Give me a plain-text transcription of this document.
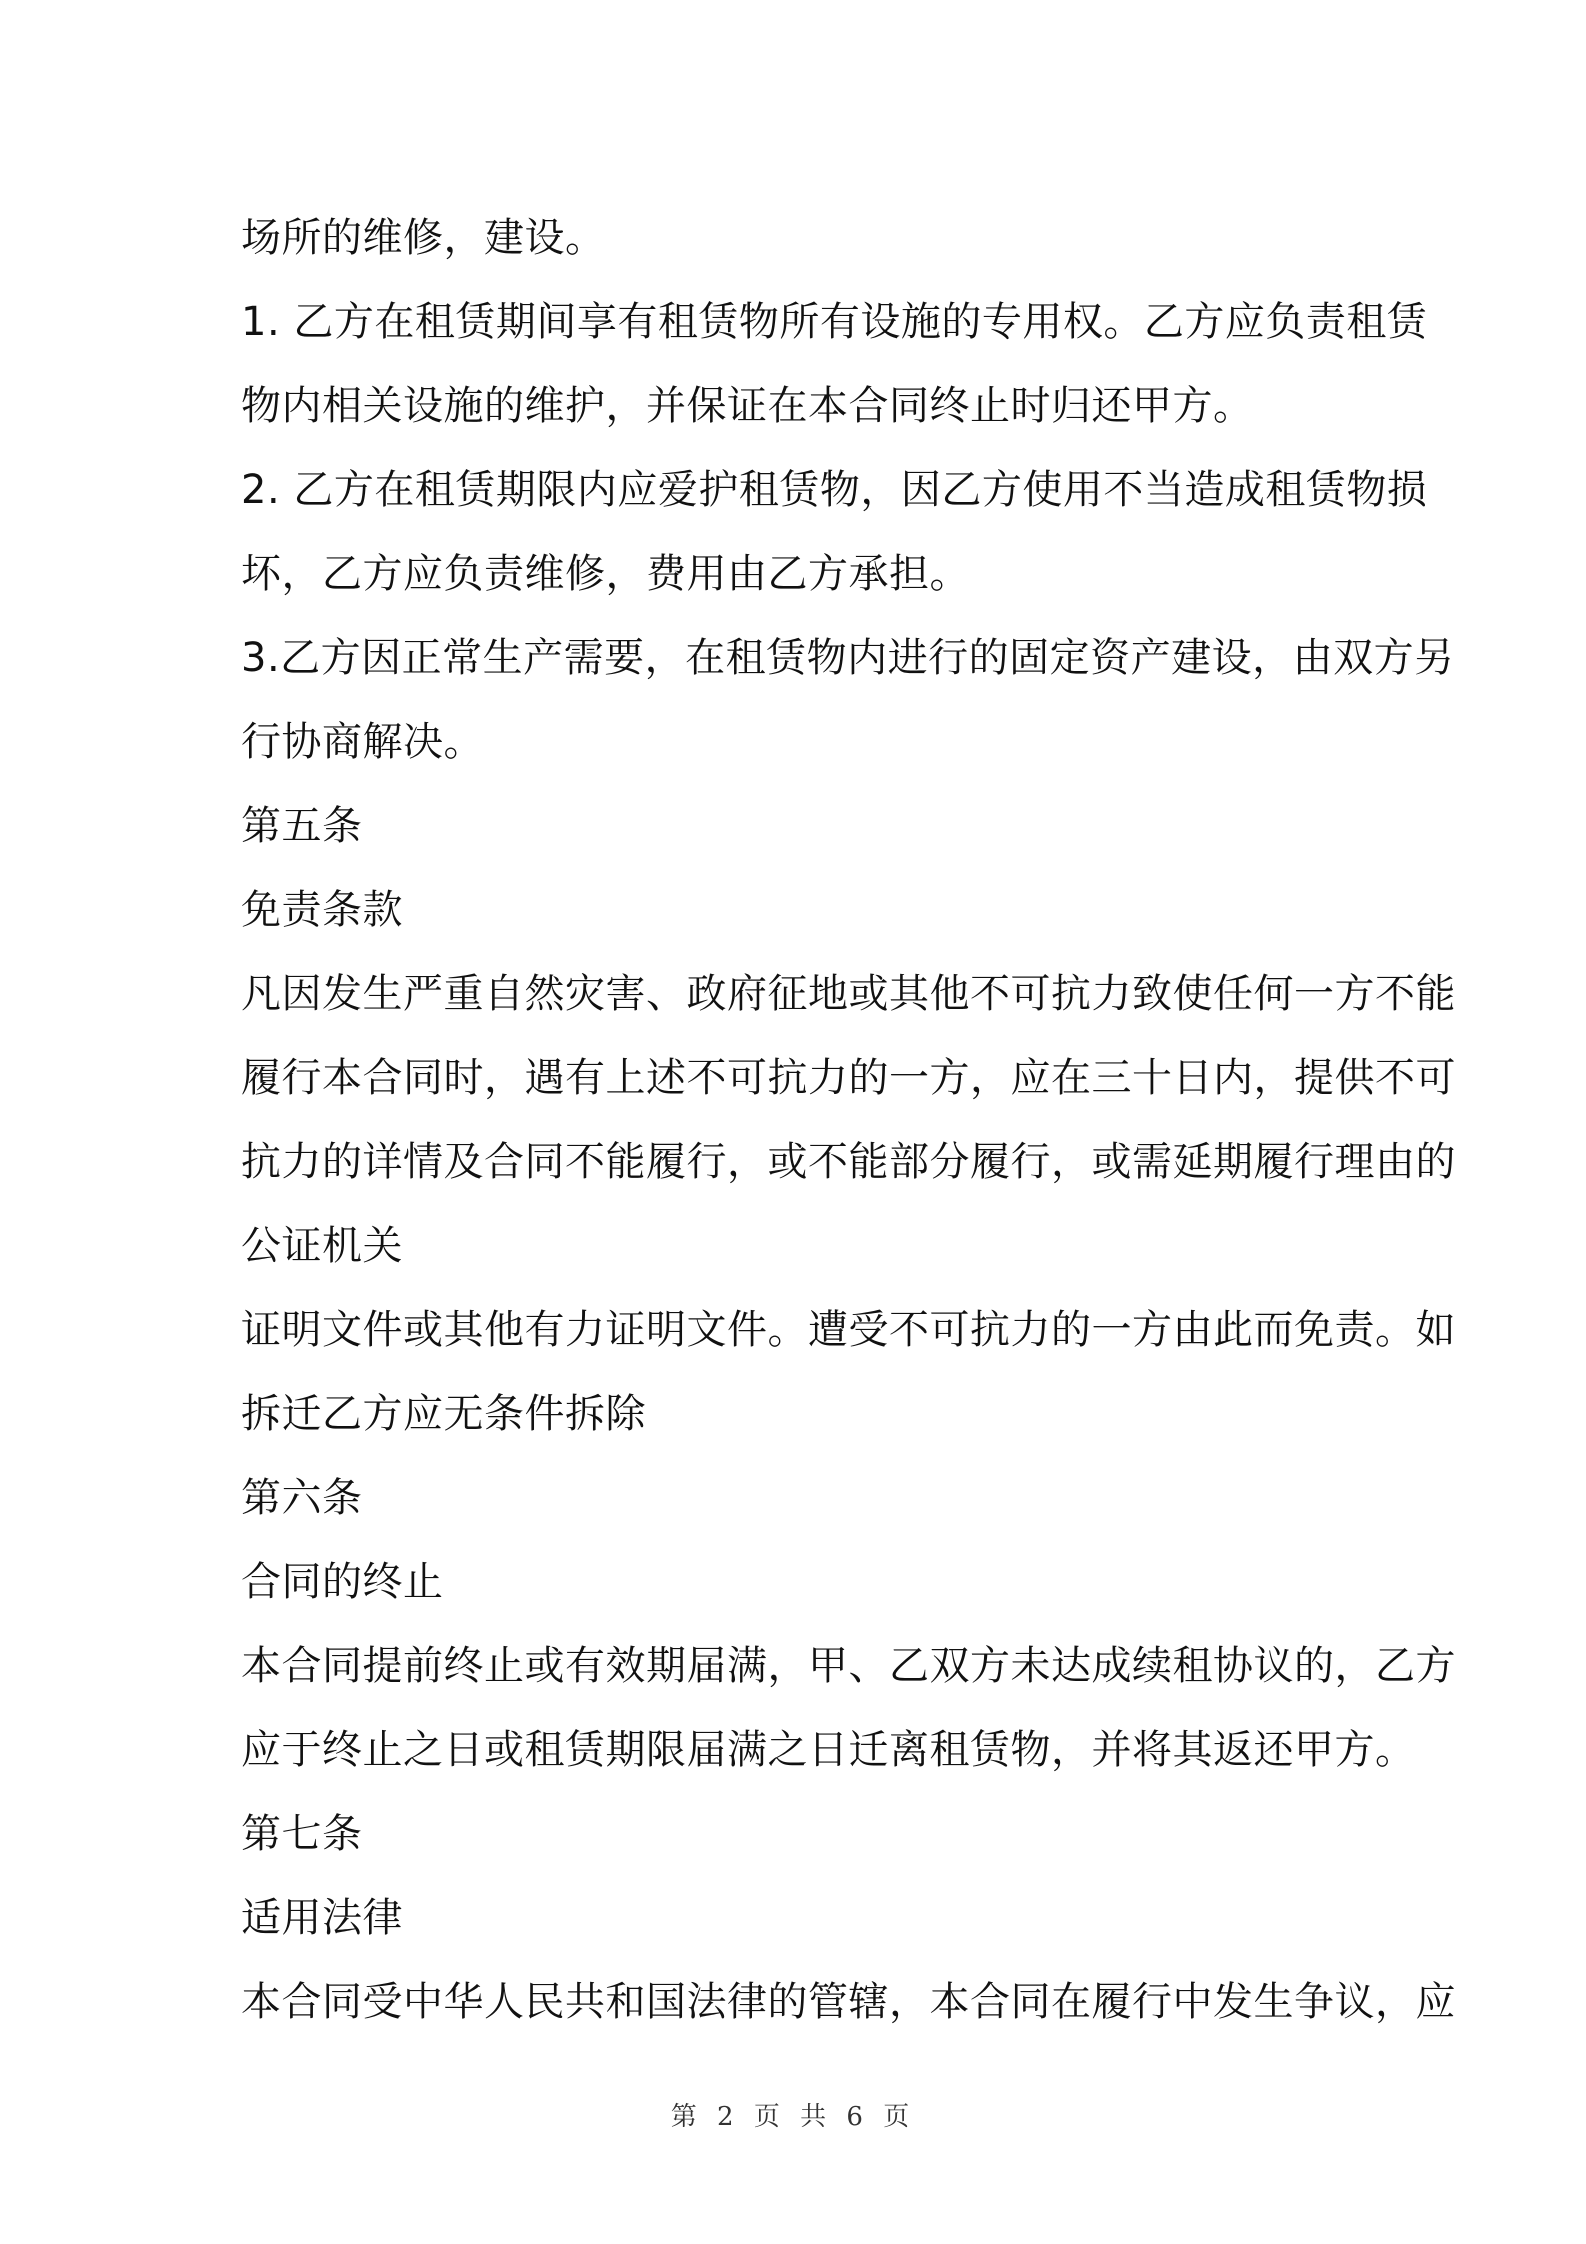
场所的维修，建设。
1. 乙方在租赁期间享有租赁物所有设施的专用权。乙方应负责租赁
物内相关设施的维护，并保证在本合同终止时归还甲方。
2. 乙方在租赁期限内应爱护租赁物，因乙方使用不当造成租赁物损
坏，乙方应负责维修，费用由乙方承担。
3.乙方因正常生产需要，在租赁物内进行的固定资产建设，由双方另
行协商解决。
第五条
免责条款
凡因发生严重自然灾害、政府征地或其他不可抗力致使任何一方不能
履行本合同时，遇有上述不可抗力的一方，应在三十日内，提供不可
抗力的详情及合同不能履行，或不能部分履行，或需延期履行理由的
公证机关
证明文件或其他有力证明文件。遭受不可抗力的一方由此而免责。如
拆迁乙方应无条件拆除
第六条
合同的终止
本合同提前终止或有效期届满，甲、乙双方未达成续租协议的，乙方
应于终止之日或租赁期限届满之日迁离租赁物，并将其返还甲方。
第七条
适用法律
本合同受中华人民共和国法律的管辖，本合同在履行中发生争议，应
第 2 页 共 6 页
